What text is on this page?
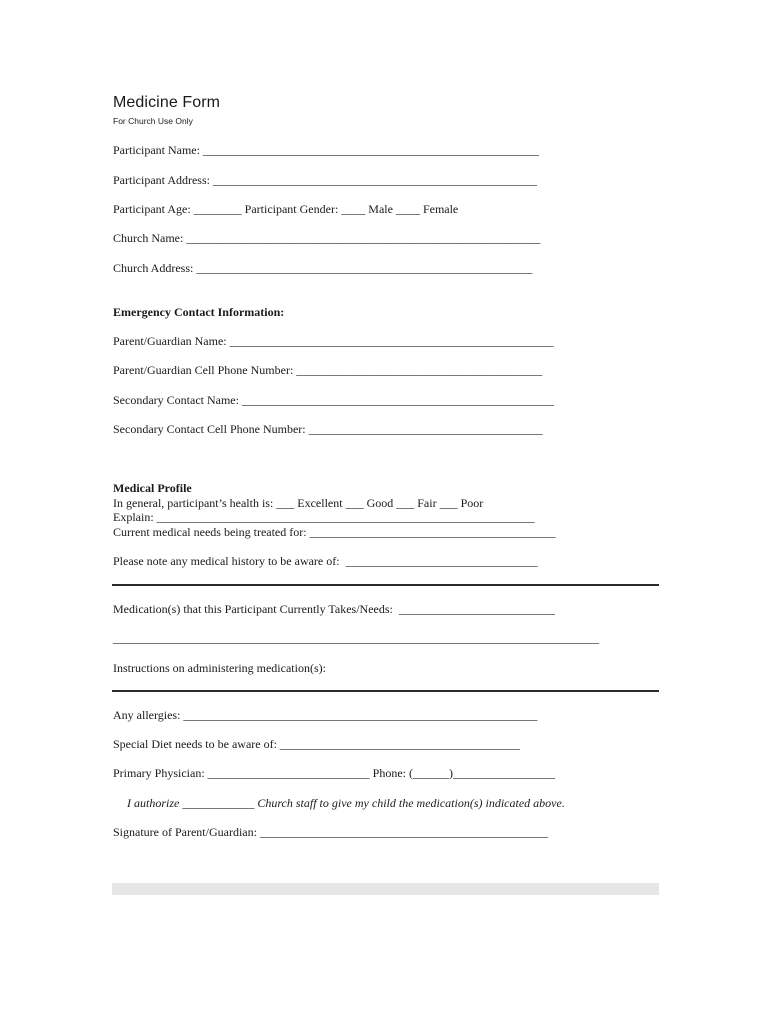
Medicine Form
For Church Use Only
Participant Name: ________________________________________________________
Participant Address: ______________________________________________________
Participant Age: ________ Participant Gender: ____ Male ____ Female
Church Name: ___________________________________________________________
Church Address: ________________________________________________________
Emergency Contact Information:
Parent/Guardian Name: ______________________________________________________
Parent/Guardian Cell Phone Number: _________________________________________
Secondary Contact Name: ____________________________________________________
Secondary Contact Cell Phone Number: _______________________________________
Medical Profile
In general, participant’s health is: ___ Excellent ___ Good ___ Fair ___ Poor
Explain: _______________________________________________________________
Current medical needs being treated for: _________________________________________
Please note any medical history to be aware of:  ________________________________
Medication(s) that this Participant Currently Takes/Needs:  __________________________
_________________________________________________________________________________
Instructions on administering medication(s):
Any allergies: ___________________________________________________________
Special Diet needs to be aware of: ________________________________________
Primary Physician: ___________________________ Phone: (______)_________________
I authorize ____________ Church staff to give my child the medication(s) indicated above.
Signature of Parent/Guardian: ________________________________________________
